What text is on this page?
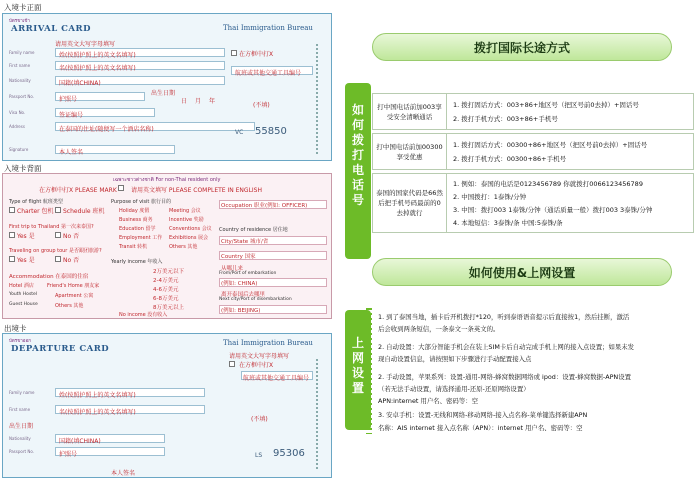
入境卡正面
บัตรขาเข้า
ARRIVAL CARD	Thai Immigration Bureau
请用英文大写字母填写
姓(按照护照上的英文名填写)	在方框中打X
名(按照护照上的英文名填写)
航班或其他交通工具编号
国籍(填CHINA)
出生日期
日 月 年
护照号
签证编号
(不填)
在泰国的住址(随便写一个酒店名称)	VC 55850
本人签名
Family name
First name
Nationality
Passport No.
Visa No.
Address
Signature
入境卡背面
เฉพาะชาวต่างชาติ For non-Thai resident only
在方框中打X PLEASE MARK 请用英文填写 PLEASE COMPLETE IN ENGLISH
Type of flight 航班类型
Charter 包机 Schedule 班机
First trip to Thailand 第一次来泰国?
Yes 是	No 否
Traveling on group tour 是否跟团旅游?
Yes 是	No 否
Accommodation 在泰国的住宿
Hotel 酒店	Friend's Home 朋友家
Youth Hostel	Apartment 公寓
Guest House	Others 其他
Purpose of visit 旅行目的
Holiday 度假	Meeting 会议
Business 商务	Incentive 奖励
Education 留学	Conventions 会议
Employment 工作 Exhibitions 展会
Transit 转机	Others 其他
Yearly income 年收入
2万美元以下
2-4万美元
4-6万美元
6-8万美元
8万美元以上
No income 没有收入
Occupation 职业(例如: OFFICER)
Country of residence 居住地
City/State 城市/省
Country 国家
从哪儿来
From/Port of embarkation
(例如: CHINA)
离开泰国后去哪里
Next city/Port of disembarkation
(例如: BEIJING)
出境卡
บัตรขาออก
DEPARTURE CARD
Thai Immigration Bureau
请用英文大写字母填写
在方框中打X
航班或其他交通工具编号
姓(按照护照上的英文名填写)
名(按照护照上的英文名填写)
出生日期
国籍(填CHINA)
护照号
(不填)
LS 95306
本人签名
Family name
First name
Nationality
Passport No.
拨打国际长途方式
如
何
拨
打
电
话
号
打中国电话前加003享受安全清晰通话
1. 拨打固话方式：003+86+地区号（把区号前0去掉）+固话号
2. 拨打手机方式：003+86+手机号
打中国电话前加00300享受优惠
1. 拨打固话方式：00300+86+地区号（把区号前0去掉）+固话号
2. 拨打手机方式：00300+86+手机号
泰国的国家代码是66然后把手机号码最前的0去掉就行
1. 例如：泰国的电话是0123456789 你就拨打0066123456789
2. 中国拨打：1泰铢/分钟
3. 中国：拨打003 1泰铢/分钟（通话质量一般）拨打003 3泰铢/分钟
4. 本地短信：3泰铢/条 中国:5泰铢/条
如何使用&上网设置
上
网
设
置
1. 到了泰国当地，插卡后开机拨打*120，听到泰语语音提示后直接按1，然后挂断，激活
后会收到两条短信，一条泰文一条英文的。
2. 自动设置：大部分智能手机会在装上SIM卡后自动完成手机上网的接入点设置；如果未发
现自动设置信息，请按照如下步骤进行手动配置接入点
2. 手动设置，苹果系列：设置-通用-网络-蜂窝数据网络或 ipod：设置-蜂窝数据-APN设置
（若无法手动设置，请选择通用-还原-还原网络设置）
APN:internet 用户名、密码等：空
3. 安卓手机：设置-无线和网络-移动网络-接入点名称-菜单键选择新建APN
名称：AIS internet 接入点名称（APN）：internet 用户名、密码等：空
